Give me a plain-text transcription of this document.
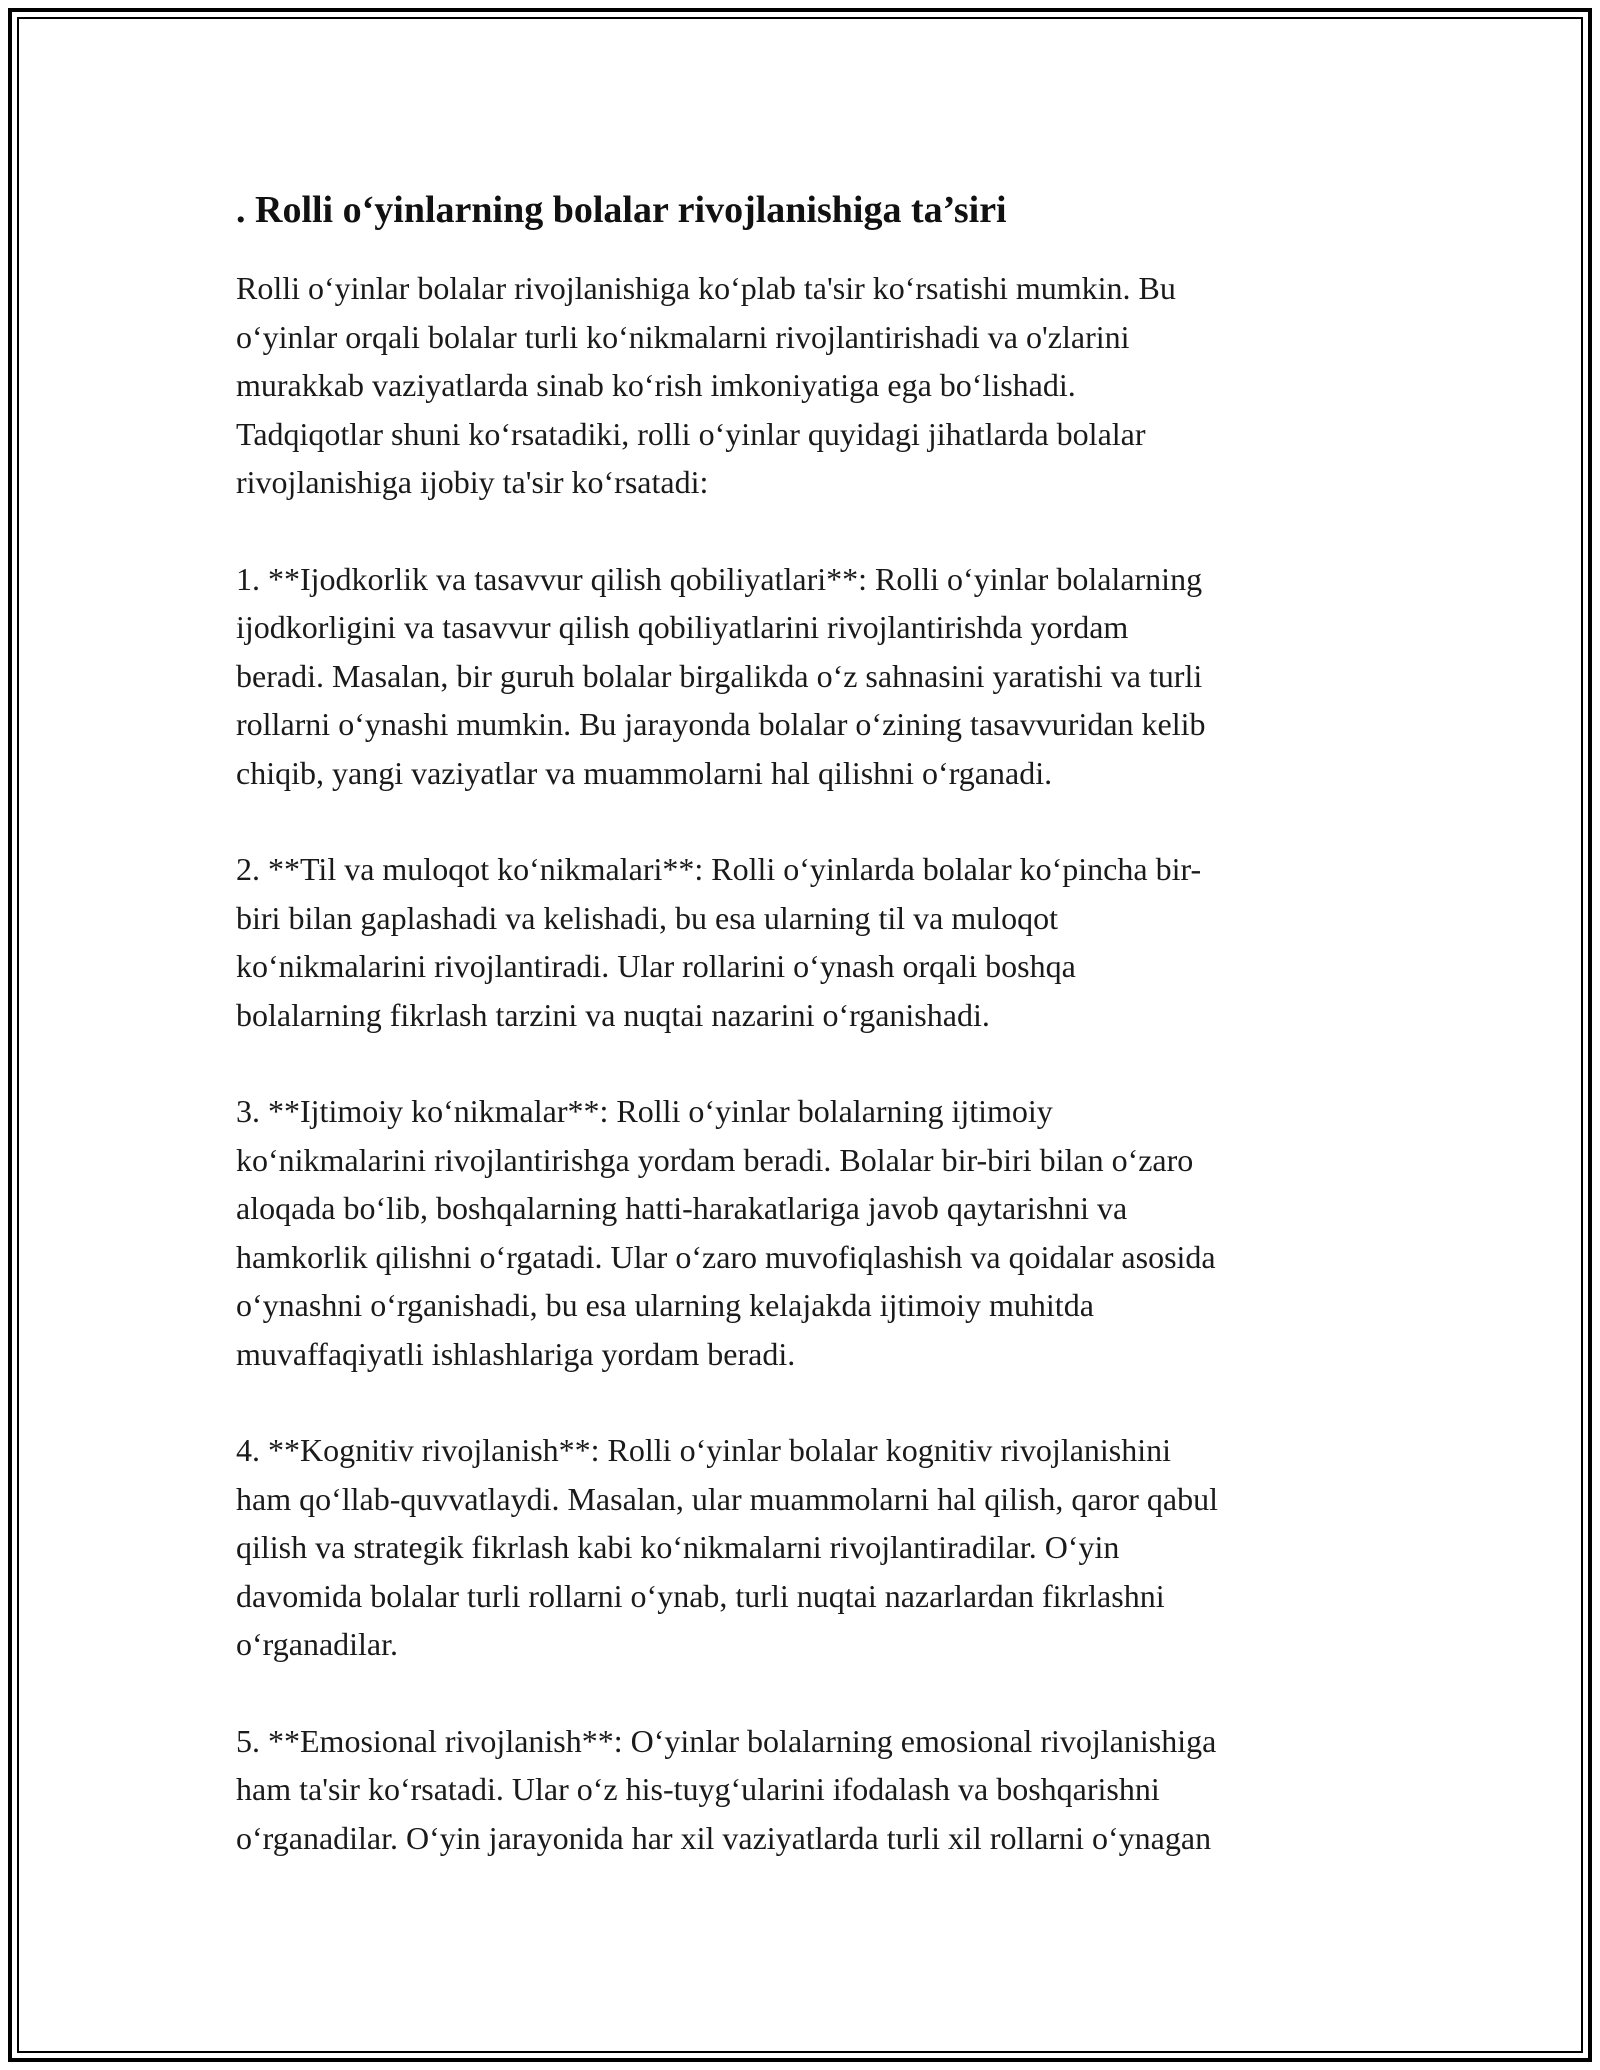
. Rolli o‘yinlarning bolalar rivojlanishiga ta’siri

Rolli o‘yinlar bolalar rivojlanishiga ko‘plab ta'sir ko‘rsatishi mumkin. Bu
o‘yinlar orqali bolalar turli ko‘nikmalarni rivojlantirishadi va o'zlarini
murakkab vaziyatlarda sinab ko‘rish imkoniyatiga ega bo‘lishadi.
Tadqiqotlar shuni ko‘rsatadiki, rolli o‘yinlar quyidagi jihatlarda bolalar
rivojlanishiga ijobiy ta'sir ko‘rsatadi:

1. **Ijodkorlik va tasavvur qilish qobiliyatlari**: Rolli o‘yinlar bolalarning
ijodkorligini va tasavvur qilish qobiliyatlarini rivojlantirishda yordam
beradi. Masalan, bir guruh bolalar birgalikda o‘z sahnasini yaratishi va turli
rollarni o‘ynashi mumkin. Bu jarayonda bolalar o‘zining tasavvuridan kelib
chiqib, yangi vaziyatlar va muammolarni hal qilishni o‘rganadi.

2. **Til va muloqot ko‘nikmalari**: Rolli o‘yinlarda bolalar ko‘pincha bir-
biri bilan gaplashadi va kelishadi, bu esa ularning til va muloqot
ko‘nikmalarini rivojlantiradi. Ular rollarini o‘ynash orqali boshqa
bolalarning fikrlash tarzini va nuqtai nazarini o‘rganishadi.

3. **Ijtimoiy ko‘nikmalar**: Rolli o‘yinlar bolalarning ijtimoiy
ko‘nikmalarini rivojlantirishga yordam beradi. Bolalar bir-biri bilan o‘zaro
aloqada bo‘lib, boshqalarning hatti-harakatlariga javob qaytarishni va
hamkorlik qilishni o‘rgatadi. Ular o‘zaro muvofiqlashish va qoidalar asosida
o‘ynashni o‘rganishadi, bu esa ularning kelajakda ijtimoiy muhitda
muvaffaqiyatli ishlashlariga yordam beradi.

4. **Kognitiv rivojlanish**: Rolli o‘yinlar bolalar kognitiv rivojlanishini
ham qo‘llab-quvvatlaydi. Masalan, ular muammolarni hal qilish, qaror qabul
qilish va strategik fikrlash kabi ko‘nikmalarni rivojlantiradilar. O‘yin
davomida bolalar turli rollarni o‘ynab, turli nuqtai nazarlardan fikrlashni
o‘rganadilar.

5. **Emosional rivojlanish**: O‘yinlar bolalarning emosional rivojlanishiga
ham ta'sir ko‘rsatadi. Ular o‘z his-tuyg‘ularini ifodalash va boshqarishni
o‘rganadilar. O‘yin jarayonida har xil vaziyatlarda turli xil rollarni o‘ynagan
